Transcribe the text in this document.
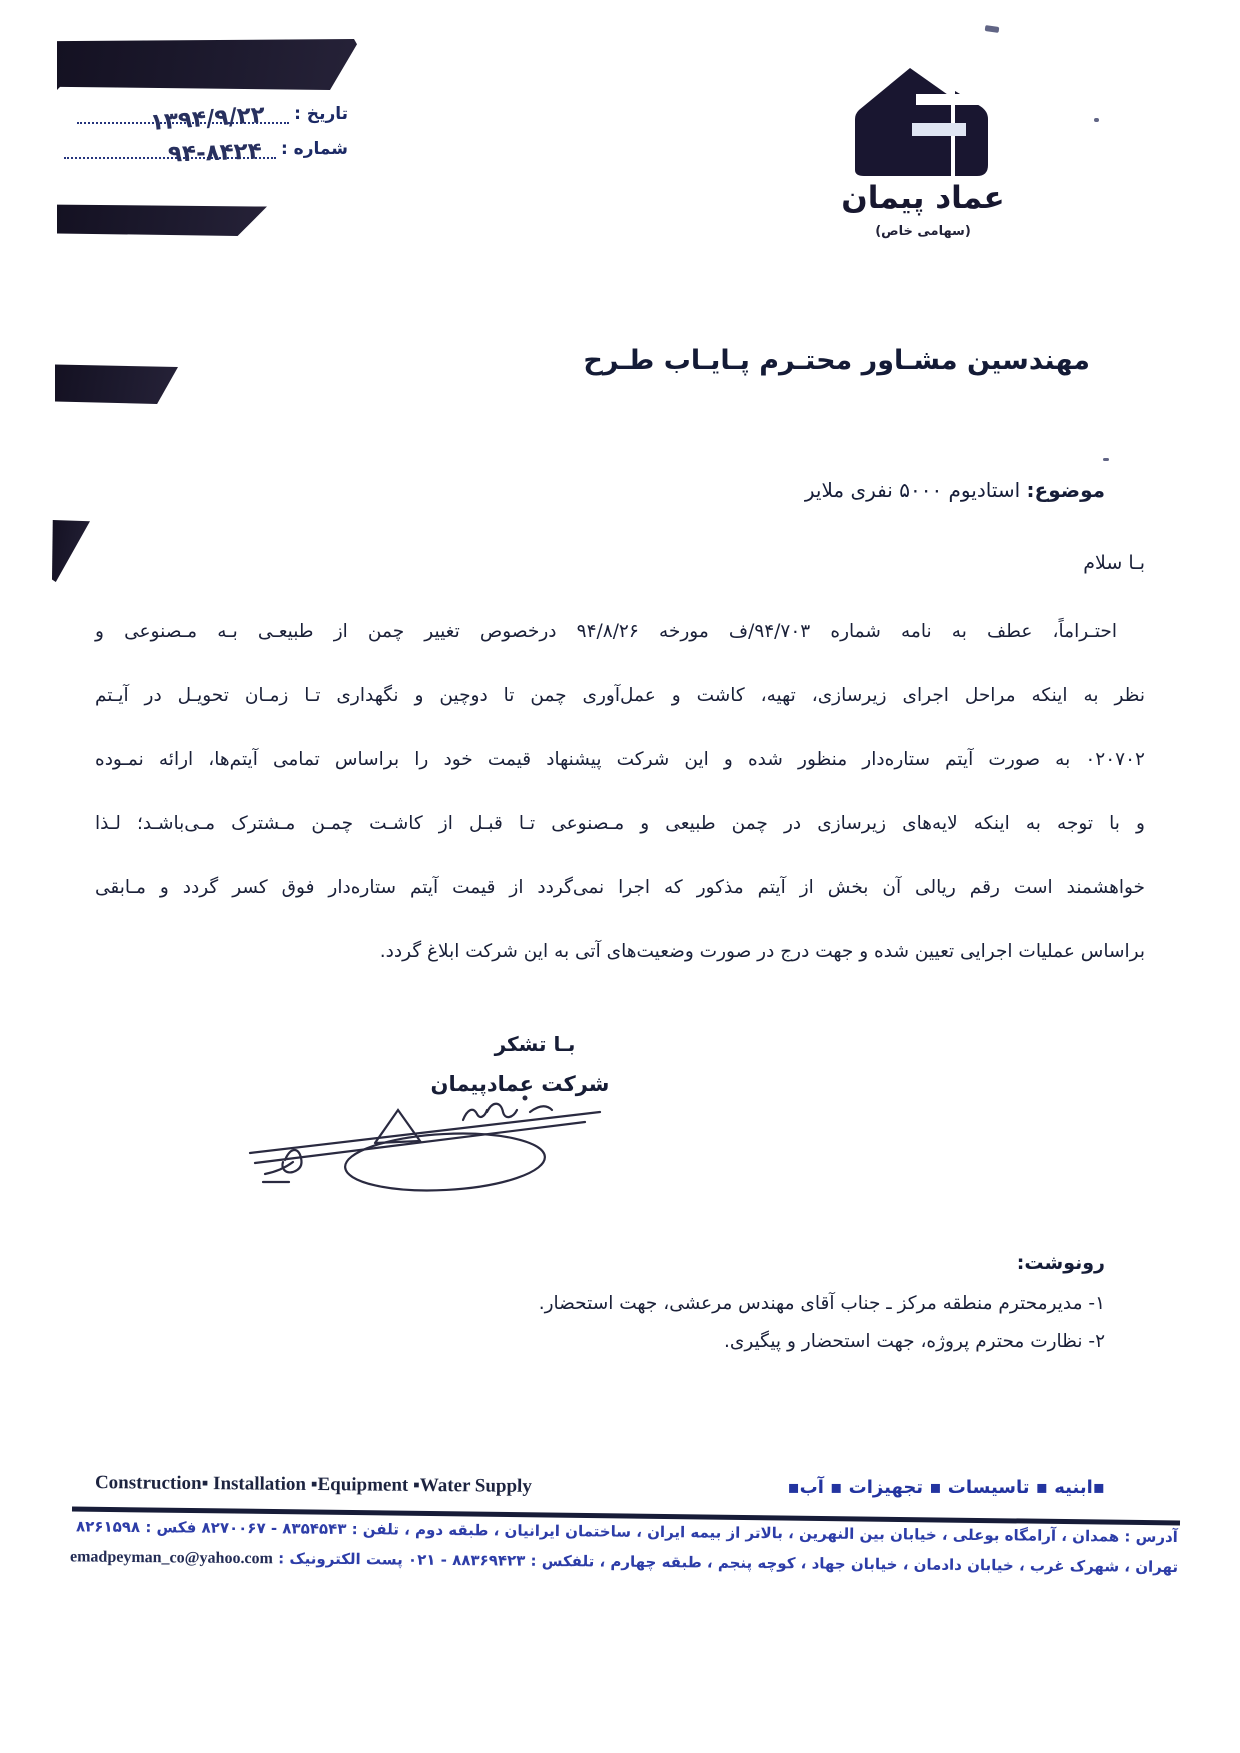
تاریخ :
شماره :
۱۳۹۴/۹/۲۲
۹۴-۸۴۲۴
عماد پیمان
(سهامی خاص)
مهندسین مشـاور محتـرم پـایـاب طـرح
موضوع: استادیوم ۵۰۰۰ نفری ملایر
بـا سلام
احتـراماً، عطف به نامه شماره ۹۴/۷۰۳/ف مورخه ۹۴/۸/۲۶ درخصوص تغییر چمن از طبیعـی بـه مـصنوعی و
نظر به اینکه مراحل اجرای زیرسازی، تهیه، کاشت و عمل‌آوری چمن تا دوچین و نگهداری تـا زمـان تحویـل در آیـتم
۰۲۰۷۰۲ به صورت آیتم ستاره‌دار منظور شده و این شرکت پیشنهاد قیمت خود را براساس تمامی آیتم‌ها، ارائه نمـوده
و با توجه به اینکه لایه‌های زیرسازی در چمن طبیعی و مـصنوعی تـا قبـل از کاشـت چمـن مـشترک مـی‌باشـد؛ لـذا
خواهشمند است رقم ریالی آن بخش از آیتم مذکور که اجرا نمی‌گردد از قیمت آیتم ستاره‌دار فوق کسر گردد و مـابقی
براساس عملیات اجرایی تعیین شده و جهت درج در صورت وضعیت‌های آتی به این شرکت ابلاغ گردد.
بـا تشکر
شرکت عمادپیمان
رونوشت:
۱- مدیرمحترم منطقه مرکز ـ جناب آقای مهندس مرعشی، جهت استحضار.
۲- نظارت محترم پروژه، جهت استحضار و پیگیری.
Construction▪ Installation ▪Equipment ▪Water Supply	▪ابنیه ▪ تاسیسات ▪ تجهیزات ▪ آب▪
آدرس : همدان ، آرامگاه بوعلی ، خیابان بین النهرین ، بالاتر از بیمه ایران ، ساختمان ایرانیان ، طبقه دوم ، تلفن : ۸۳۵۴۵۴۳ - ۸۲۷۰۰۶۷ فکس : ۸۲۶۱۵۹۸
تهران ، شهرک غرب ، خیابان دادمان ، خیابان جهاد ، کوچه پنجم ، طبقه چهارم ، تلفکس : ۸۸۳۶۹۴۲۳ - ۰۲۱ پست الکترونیک : emadpeyman_co@yahoo.com
